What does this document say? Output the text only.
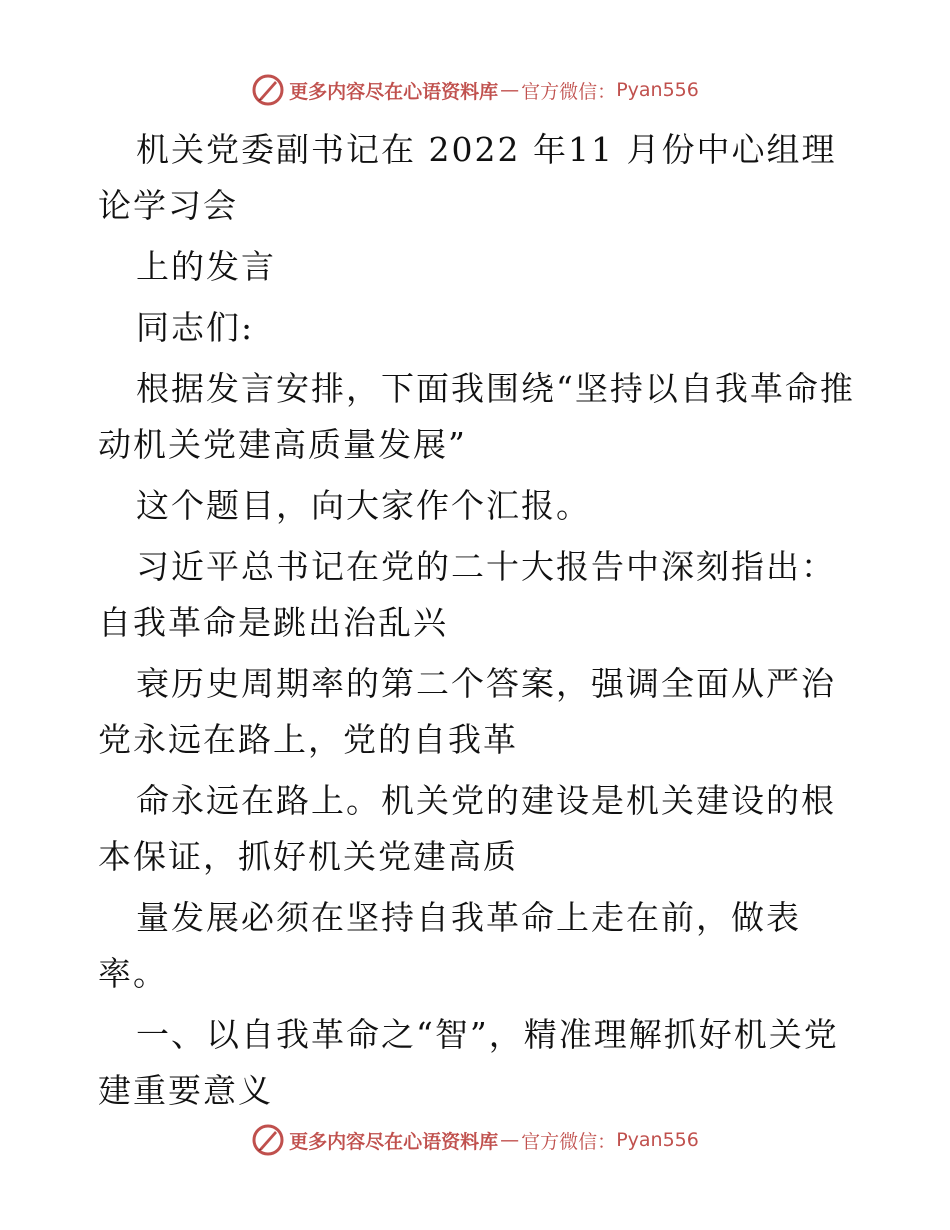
更多内容尽在心语资料库 — 官方微信： Pyan556

机关党委副书记在 2022 年11 月份中心组理论学习会

上的发言

同志们:

根据发言安排，下面我围绕“坚持以自我革命推动机关党建高质量发展”

这个题目，向大家作个汇报。

习近平总书记在党的二十大报告中深刻指出：自我革命是跳出治乱兴

衰历史周期率的第二个答案，强调全面从严治党永远在路上，党的自我革

命永远在路上。机关党的建设是机关建设的根本保证，抓好机关党建高质

量发展必须在坚持自我革命上走在前，做表率。

一、以自我革命之“智”，精准理解抓好机关党建重要意义

更多内容尽在心语资料库 — 官方微信： Pyan556
